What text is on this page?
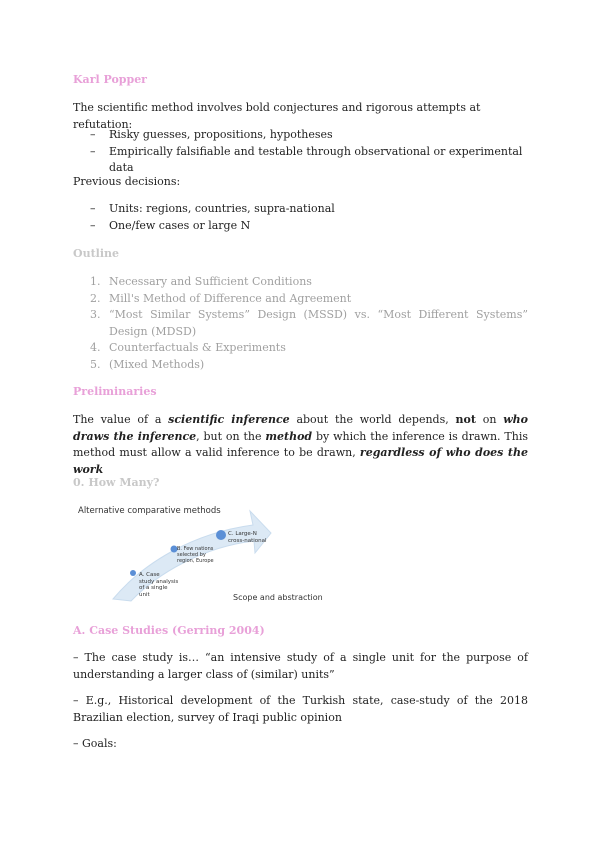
Karl Popper
The scientific method involves bold conjectures and rigorous attempts at refutation:
– Risky guesses, propositions, hypotheses
– Empirically falsifiable and testable through observational or experimental data
Previous decisions:
– Units: regions, countries, supra-national
– One/few cases or large N
Outline
1. Necessary and Sufficient Conditions
2. Mill's Method of Difference and Agreement
3. “Most Similar Systems” Design (MSSD) vs. “Most Different Systems” Design (MDSD)
4. Counterfactuals & Experiments
5. (Mixed Methods)
Preliminaries
The value of a scientific inference about the world depends, not on who draws the inference, but on the method by which the inference is drawn. This method must allow a valid inference to be drawn, regardless of who does the work
0. How Many?
Alternative comparative methods
A. Case
study analysis of a single unit
B. Few nations
selected by region, Europe
C. Large-N
cross-national
Scope and abstraction
A. Case Studies (Gerring 2004)
– The case study is… “an intensive study of a single unit for the purpose of understanding a larger class of (similar) units”
– E.g., Historical development of the Turkish state, case-study of the 2018 Brazilian election, survey of Iraqi public opinion
– Goals:
